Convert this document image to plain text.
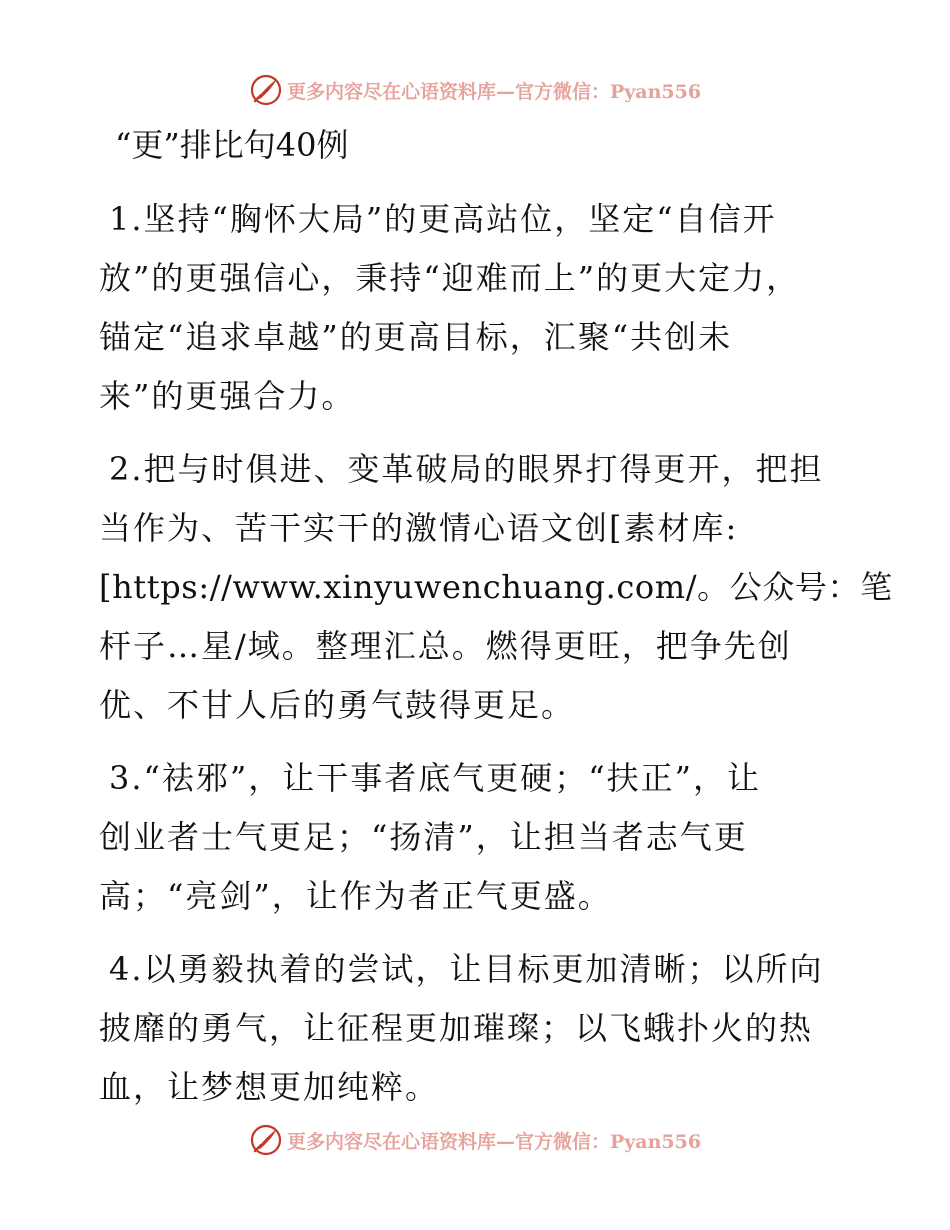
更多内容尽在心语资料库—官方微信：Pyan556
“更”排比句40例
1.坚持“胸怀大局”的更高站位，坚定“自信开
放”的更强信心，秉持“迎难而上”的更大定力，
锚定“追求卓越”的更高目标，汇聚“共创未
来”的更强合力。
2.把与时俱进、变革破局的眼界打得更开，把担
当作为、苦干实干的激情心语文创[素材库:
[https://www.xinyuwenchuang.com/。公众号：笔
杆子…星/域。整理汇总。燃得更旺，把争先创
优、不甘人后的勇气鼓得更足。
3.“祛邪”，让干事者底气更硬；“扶正”，让
创业者士气更足；“扬清”，让担当者志气更
高；“亮剑”，让作为者正气更盛。
4.以勇毅执着的尝试，让目标更加清晰；以所向
披靡的勇气，让征程更加璀璨；以飞蛾扑火的热
血，让梦想更加纯粹。
更多内容尽在心语资料库—官方微信：Pyan556
